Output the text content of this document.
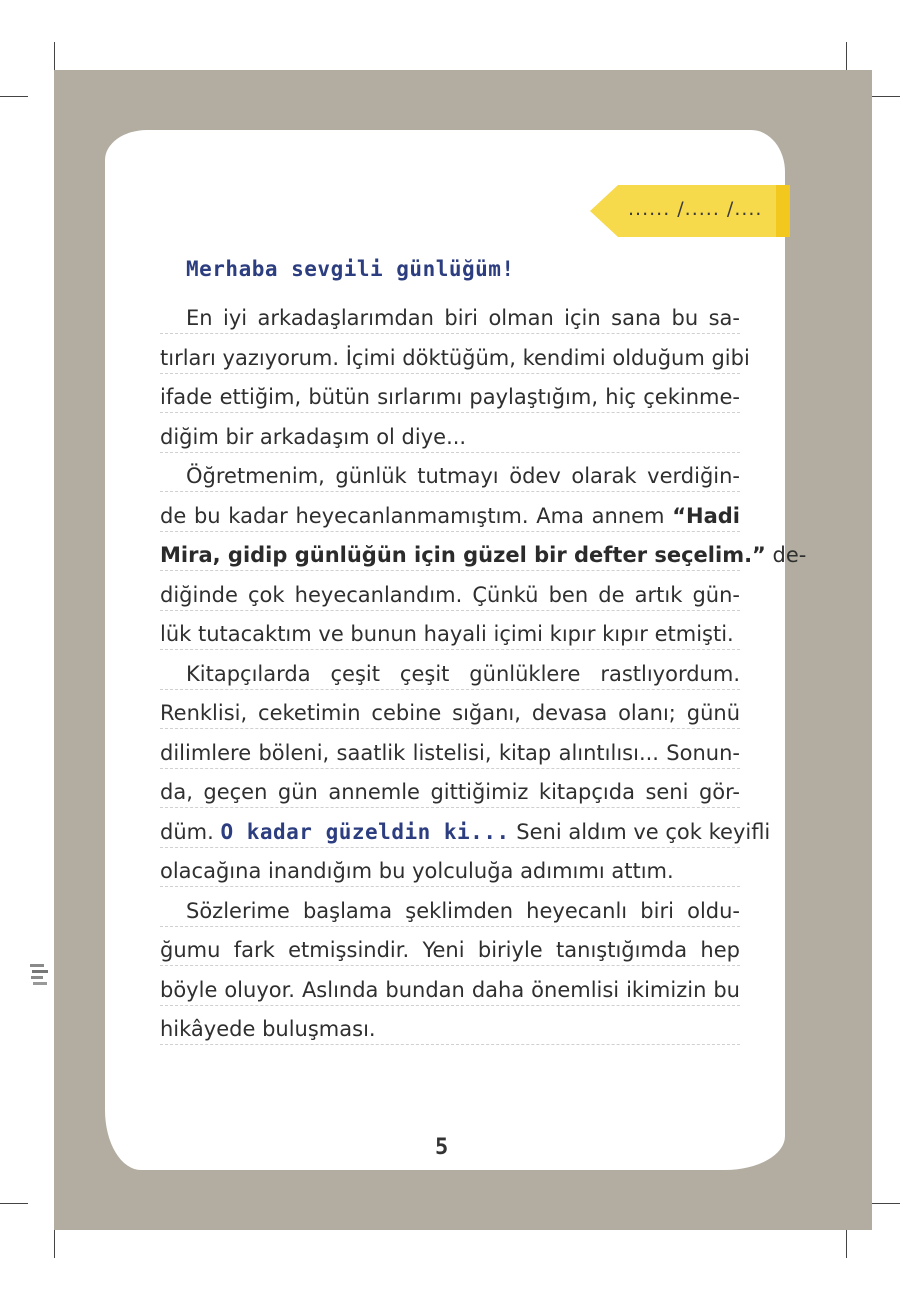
...... /..... /....
Merhaba sevgili günlüğüm!
En iyi arkadaşlarımdan biri olman için sana bu sa-
tırları yazıyorum. İçimi döktüğüm, kendimi olduğum gibi
ifade ettiğim, bütün sırlarımı paylaştığım, hiç çekinme-
diğim bir arkadaşım ol diye...
Öğretmenim, günlük tutmayı ödev olarak verdiğin-
de bu kadar heyecanlanmamıştım. Ama annem “Hadi
Mira, gidip günlüğün için güzel bir defter seçelim.” de-
diğinde çok heyecanlandım. Çünkü ben de artık gün-
lük tutacaktım ve bunun hayali içimi kıpır kıpır etmişti.
Kitapçılarda çeşit çeşit günlüklere rastlıyordum.
Renklisi, ceketimin cebine sığanı, devasa olanı; günü
dilimlere böleni, saatlik listelisi, kitap alıntılısı... Sonun-
da, geçen gün annemle gittiğimiz kitapçıda seni gör-
düm. O kadar güzeldin ki... Seni aldım ve çok keyifli
olacağına inandığım bu yolculuğa adımımı attım.
Sözlerime başlama şeklimden heyecanlı biri oldu-
ğumu fark etmişsindir. Yeni biriyle tanıştığımda hep
böyle oluyor. Aslında bundan daha önemlisi ikimizin bu
hikâyede buluşması.
5
